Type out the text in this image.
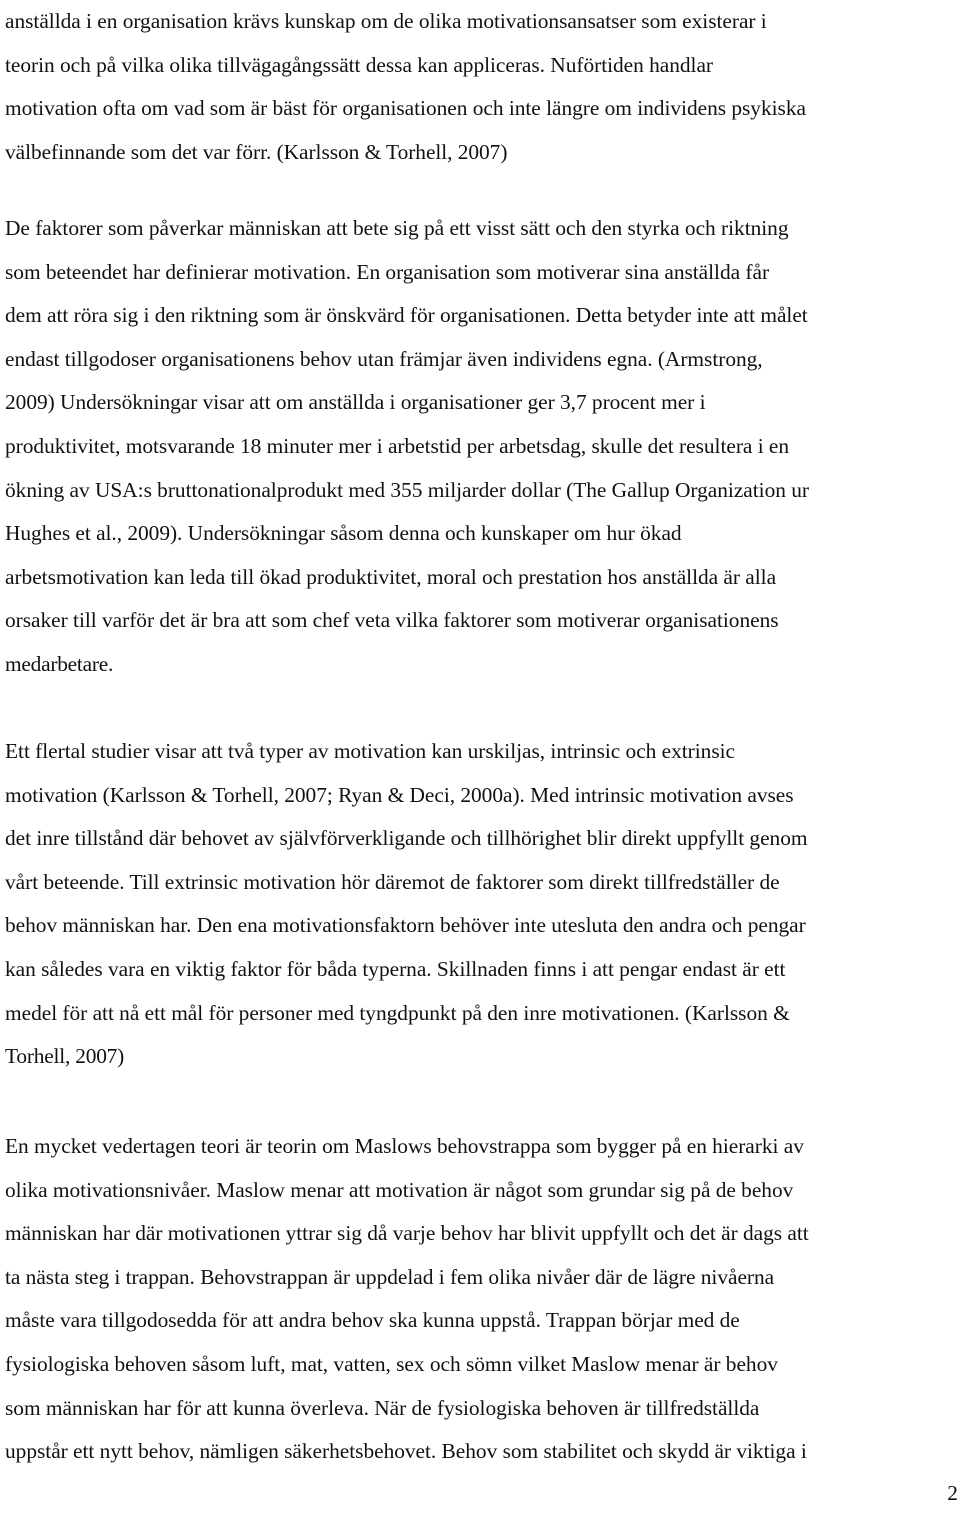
anställda i en organisation krävs kunskap om de olika motivationsansatser som existerar i
teorin och på vilka olika tillvägagångssätt dessa kan appliceras. Nuförtiden handlar
motivation ofta om vad som är bäst för organisationen och inte längre om individens psykiska
välbefinnande som det var förr. (Karlsson & Torhell, 2007)
De faktorer som påverkar människan att bete sig på ett visst sätt och den styrka och riktning
som beteendet har definierar motivation. En organisation som motiverar sina anställda får
dem att röra sig i den riktning som är önskvärd för organisationen. Detta betyder inte att målet
endast tillgodoser organisationens behov utan främjar även individens egna. (Armstrong,
2009) Undersökningar visar att om anställda i organisationer ger 3,7 procent mer i
produktivitet, motsvarande 18 minuter mer i arbetstid per arbetsdag, skulle det resultera i en
ökning av USA:s bruttonationalprodukt med 355 miljarder dollar (The Gallup Organization ur
Hughes et al., 2009). Undersökningar såsom denna och kunskaper om hur ökad
arbetsmotivation kan leda till ökad produktivitet, moral och prestation hos anställda är alla
orsaker till varför det är bra att som chef veta vilka faktorer som motiverar organisationens
medarbetare.
Ett flertal studier visar att två typer av motivation kan urskiljas, intrinsic och extrinsic
motivation (Karlsson & Torhell, 2007; Ryan & Deci, 2000a). Med intrinsic motivation avses
det inre tillstånd där behovet av självförverkligande och tillhörighet blir direkt uppfyllt genom
vårt beteende. Till extrinsic motivation hör däremot de faktorer som direkt tillfredställer de
behov människan har. Den ena motivationsfaktorn behöver inte utesluta den andra och pengar
kan således vara en viktig faktor för båda typerna. Skillnaden finns i att pengar endast är ett
medel för att nå ett mål för personer med tyngdpunkt på den inre motivationen. (Karlsson &
Torhell, 2007)
En mycket vedertagen teori är teorin om Maslows behovstrappa som bygger på en hierarki av
olika motivationsnivåer. Maslow menar att motivation är något som grundar sig på de behov
människan har där motivationen yttrar sig då varje behov har blivit uppfyllt och det är dags att
ta nästa steg i trappan. Behovstrappan är uppdelad i fem olika nivåer där de lägre nivåerna
måste vara tillgodosedda för att andra behov ska kunna uppstå. Trappan börjar med de
fysiologiska behoven såsom luft, mat, vatten, sex och sömn vilket Maslow menar är behov
som människan har för att kunna överleva. När de fysiologiska behoven är tillfredställda
uppstår ett nytt behov, nämligen säkerhetsbehovet. Behov som stabilitet och skydd är viktiga i
2
